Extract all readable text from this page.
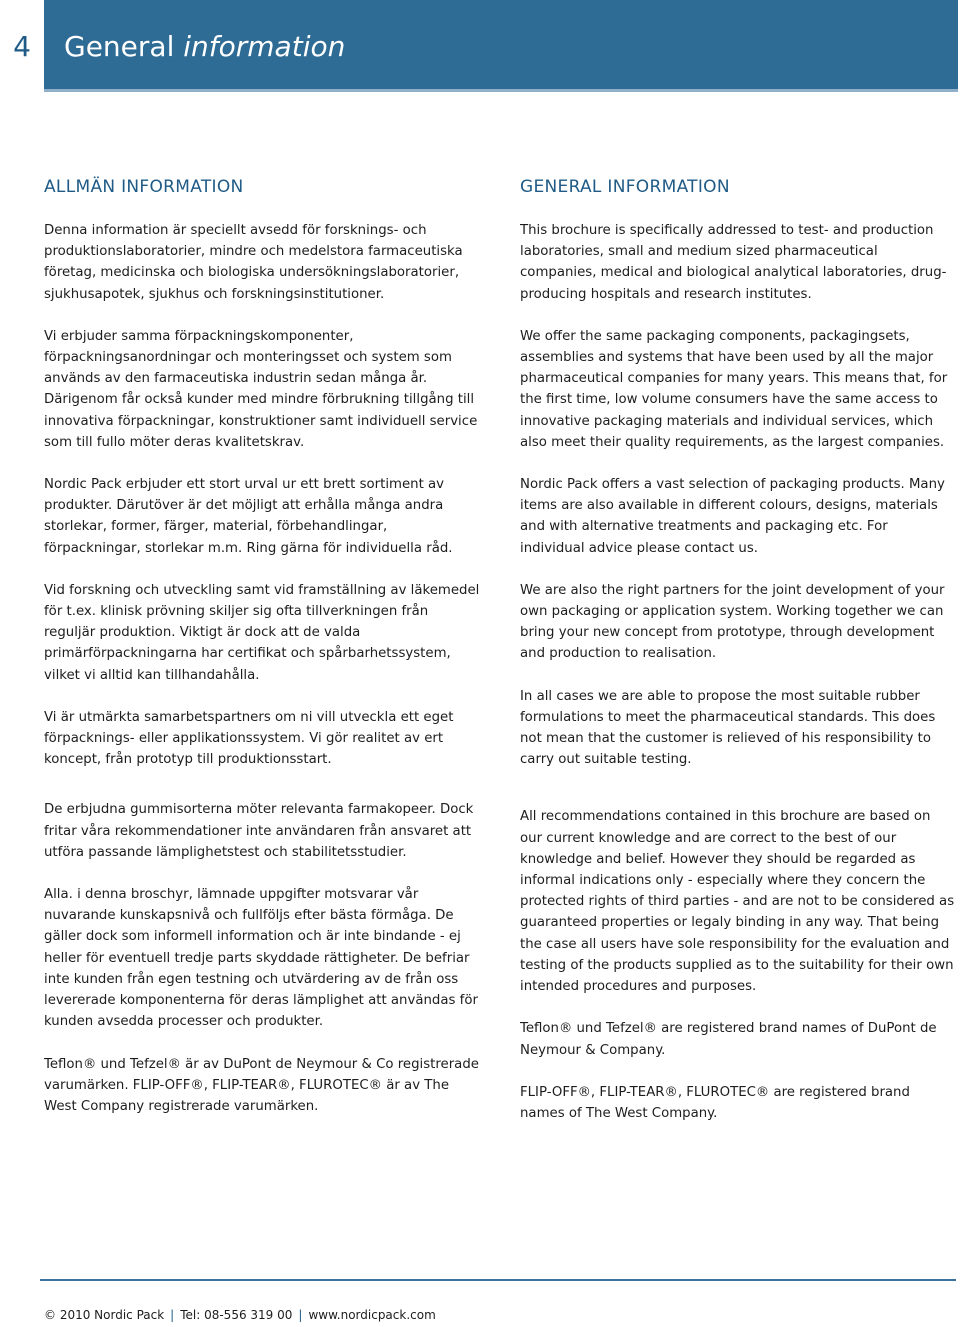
4	General information
ALLMÄN INFORMATION

Denna information är speciellt avsedd för forsknings- och produktionslaboratorier, mindre och medelstora farmaceutiska företag, medicinska och biologiska undersökningslaboratorier, sjukhusapotek, sjukhus och forskningsinstitutioner.

Vi erbjuder samma förpackningskomponenter, förpackningsanordningar och monteringsset och system som används av den farmaceutiska industrin sedan många år. Därigenom får också kunder med mindre förbrukning tillgång till innovativa förpackningar, konstruktioner samt individuell service som till fullo möter deras kvalitetskrav.

Nordic Pack erbjuder ett stort urval ur ett brett sortiment av produkter. Därutöver är det möjligt att erhålla många andra storlekar, former, färger, material, förbehandlingar, förpackningar, storlekar m.m. Ring gärna för individuella råd.

Vid forskning och utveckling samt vid framställning av läkemedel för t.ex. klinisk prövning skiljer sig ofta tillverkningen från reguljär produktion. Viktigt är dock att de valda primärförpackningarna har certifikat och spårbarhetssystem, vilket vi alltid kan tillhandahålla.

Vi är utmärkta samarbetspartners om ni vill utveckla ett eget förpacknings- eller applikationssystem. Vi gör realitet av ert koncept, från prototyp till produktionsstart.

De erbjudna gummisorterna möter relevanta farmakopeer. Dock fritar våra rekommendationer inte användaren från ansvaret att utföra passande lämplighetstest och stabilitetsstudier.

Alla. i denna broschyr, lämnade uppgifter motsvarar vår nuvarande kunskapsnivå och fullföljs efter bästa förmåga. De gäller dock som informell information och är inte bindande - ej heller för eventuell tredje parts skyddade rättigheter. De befriar inte kunden från egen testning och utvärdering av de från oss levererade komponenterna för deras lämplighet att användas för kunden avsedda processer och produkter.

Teflon® und Tefzel® är av DuPont de Neymour & Co registrerade varumärken. FLIP-OFF®, FLIP-TEAR®, FLUROTEC® är av The West Company registrerade varumärken.

GENERAL INFORMATION

This brochure is specifically addressed to test- and production laboratories, small and medium sized pharmaceutical companies, medical and biological analytical laboratories, drug-producing hospitals and research institutes.

We offer the same packaging components, packagingsets, assemblies and systems that have been used by all the major pharmaceutical companies for many years. This means that, for the first time, low volume consumers have the same access to innovative packaging materials and individual services, which also meet their quality requirements, as the largest companies.

Nordic Pack offers a vast selection of packaging products. Many items are also available in different colours, designs, materials and with alternative treatments and packaging etc. For individual advice please contact us.

We are also the right partners for the joint development of your own packaging or application system. Working together we can bring your new concept from prototype, through development and production to realisation.

In all cases we are able to propose the most suitable rubber formulations to meet the pharmaceutical standards. This does not mean that the customer is relieved of his responsibility to carry out suitable testing.

All recommendations contained in this brochure are based on our current knowledge and are correct to the best of our knowledge and belief. However they should be regarded as informal indications only - especially where they concern the protected rights of third parties - and are not to be considered as guaranteed properties or legaly binding in any way. That being the case all users have sole responsibility for the evaluation and testing of the products supplied as to the suitability for their own intended procedures and purposes.

Teflon® und Tefzel® are registered brand names of DuPont de Neymour & Company.

FLIP-OFF®, FLIP-TEAR®, FLUROTEC® are registered brand names of The West Company.

© 2010 Nordic Pack | Tel: 08-556 319 00 | www.nordicpack.com
